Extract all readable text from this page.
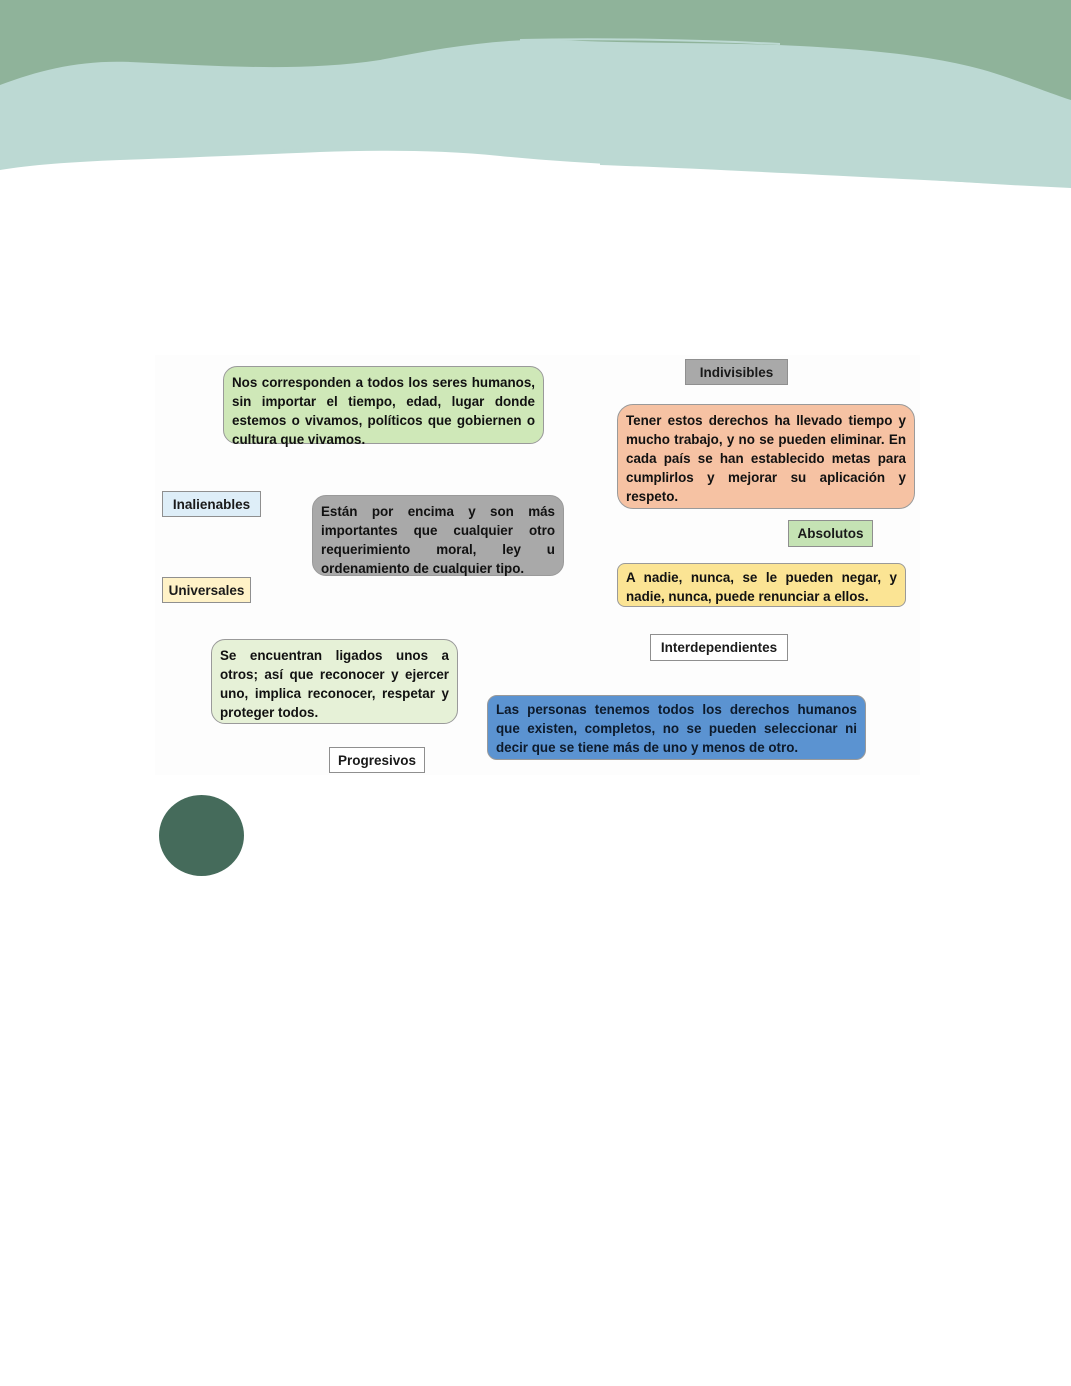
Nos corresponden a todos los seres humanos, sin importar el tiempo, edad, lugar donde estemos o vivamos, políticos que gobiernen o cultura que vivamos.
Indivisibles
Tener estos derechos ha llevado tiempo y mucho trabajo, y no se pueden eliminar. En cada país se han establecido metas para cumplirlos y mejorar su aplicación y respeto.
Inalienables	Están por encima y son más importantes que cualquier otro requerimiento moral, ley u ordenamiento de cualquier tipo.
Absolutos
Universales
A nadie, nunca, se le pueden negar, y nadie, nunca, puede renunciar a ellos.
Interdependientes
Se encuentran ligados unos a otros; así que reconocer y ejercer uno, implica reconocer, respetar y proteger todos.	Las personas tenemos todos los derechos humanos que existen, completos, no se pueden seleccionar ni decir que se tiene más de uno y menos de otro.
Progresivos
